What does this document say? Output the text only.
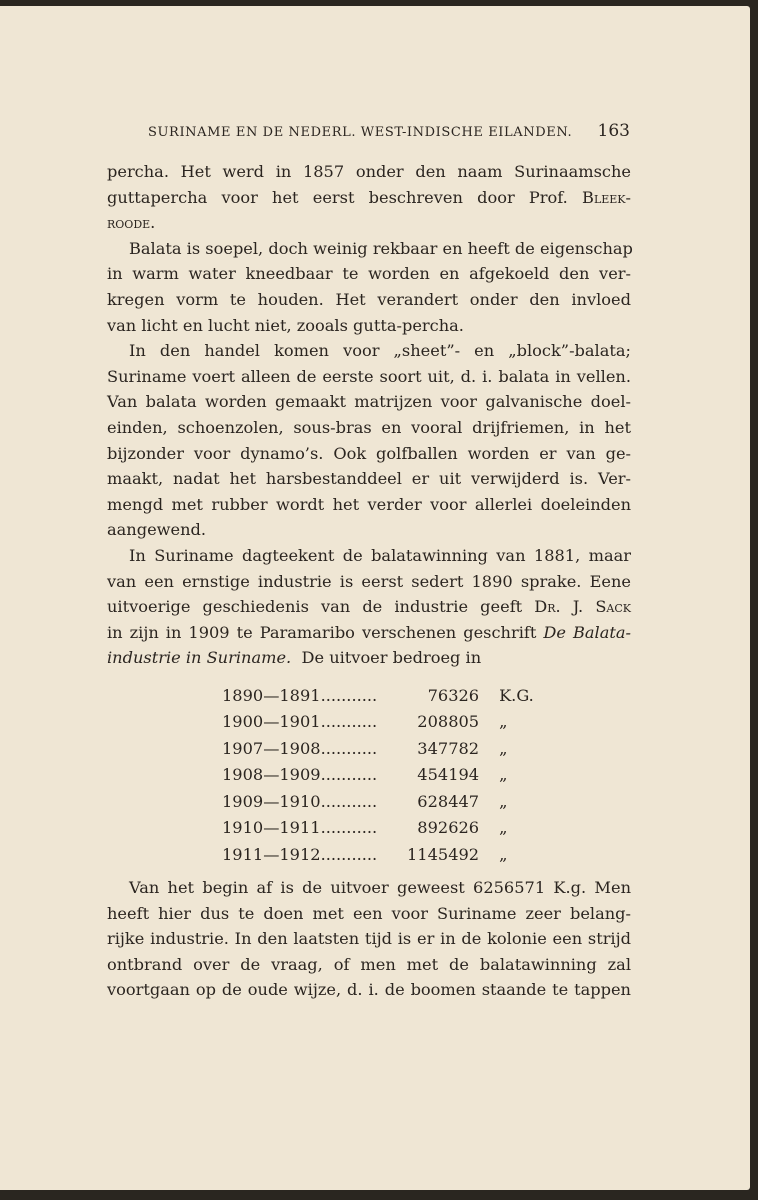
SURINAME EN DE NEDERL. WEST-INDISCHE EILANDEN. 163
percha. Het werd in 1857 onder den naam Surinaamsche
guttapercha voor het eerst beschreven door Prof. Bleek-
roode.
Balata is soepel, doch weinig rekbaar en heeft de eigenschap
in warm water kneedbaar te worden en afgekoeld den ver-
kregen vorm te houden. Het verandert onder den invloed
van licht en lucht niet, zooals gutta-percha.
In den handel komen voor „sheet”- en „block”-balata;
Suriname voert alleen de eerste soort uit, d. i. balata in vellen.
Van balata worden gemaakt matrijzen voor galvanische doel-
einden, schoenzolen, sous-bras en vooral drijfriemen, in het
bijzonder voor dynamo’s. Ook golfballen worden er van ge-
maakt, nadat het harsbestanddeel er uit verwijderd is. Ver-
mengd met rubber wordt het verder voor allerlei doeleinden
aangewend.
In Suriname dagteekent de balatawinning van 1881, maar
van een ernstige industrie is eerst sedert 1890 sprake. Eene
uitvoerige geschiedenis van de industrie geeft Dr. J. Sack
in zijn in 1909 te Paramaribo verschenen geschrift De Balata-
industrie in Suriname. De uitvoer bedroeg in
1890—1891...........	76326	K.G.
1900—1901...........	208805	„
1907—1908...........	347782	„
1908—1909...........	454194	„
1909—1910...........	628447	„
1910—1911...........	892626	„
1911—1912...........	1145492	„
Van het begin af is de uitvoer geweest 6256571 K.g. Men
heeft hier dus te doen met een voor Suriname zeer belang-
rijke industrie. In den laatsten tijd is er in de kolonie een strijd
ontbrand over de vraag, of men met de balatawinning zal
voortgaan op de oude wijze, d. i. de boomen staande te tappen
